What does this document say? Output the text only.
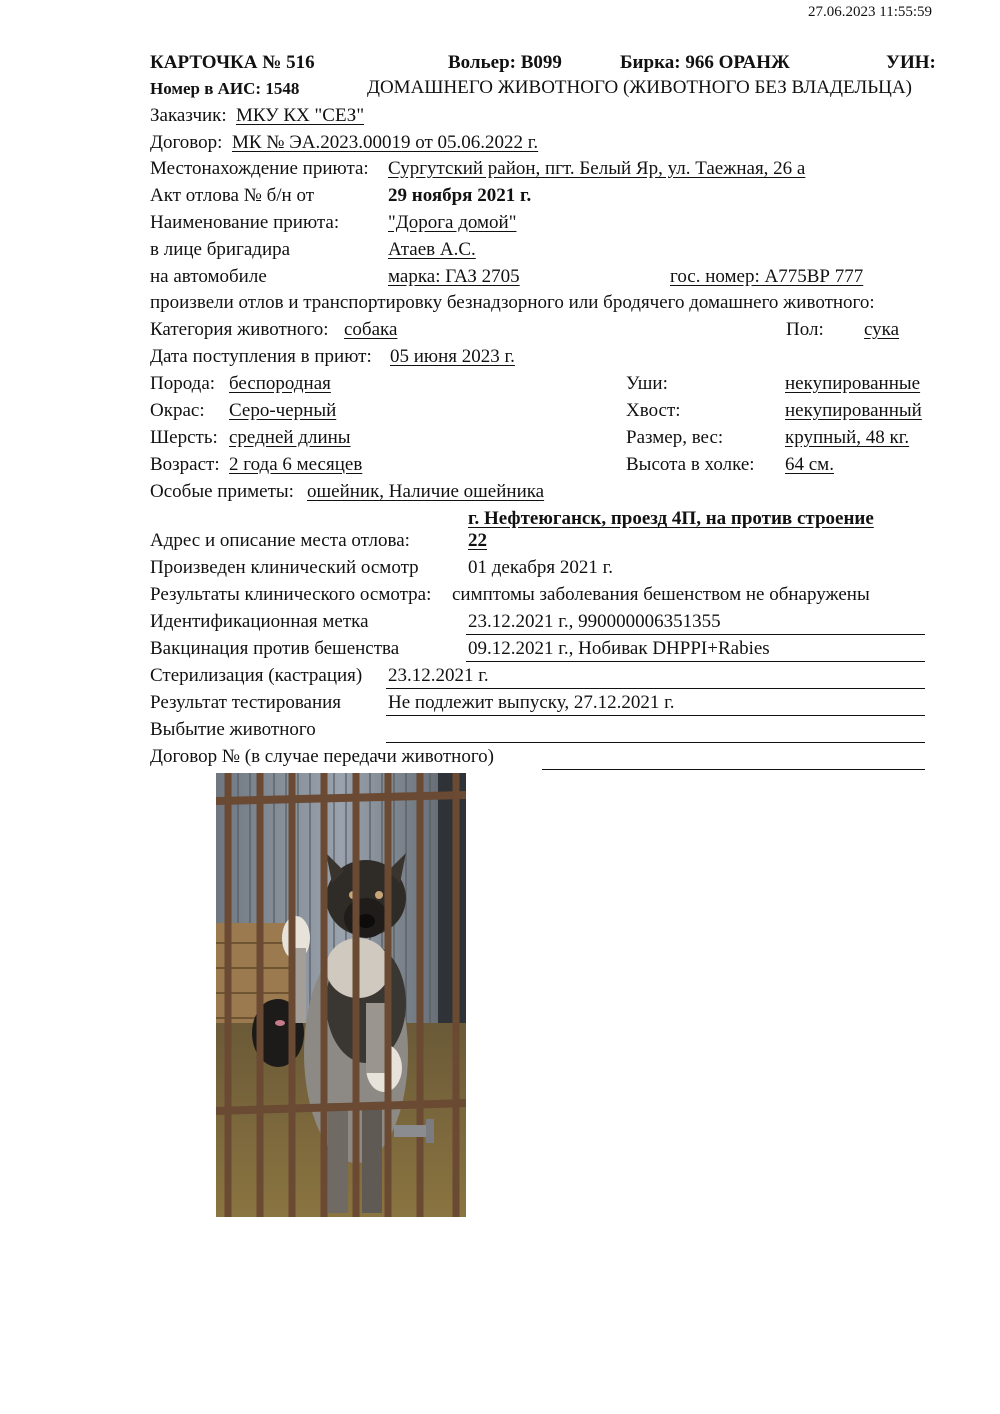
27.06.2023 11:55:59
КАРТОЧКА № 516	Вольер: В099	Бирка: 966 ОРАНЖ	УИН:
Номер в АИС: 1548	ДОМАШНЕГО ЖИВОТНОГО (ЖИВОТНОГО БЕЗ ВЛАДЕЛЬЦА)
Заказчик: МКУ КХ "СЕЗ"
Договор: МК № ЭА.2023.00019 от 05.06.2022 г.
Местонахождение приюта: Сургутский район, пгт. Белый Яр, ул. Таежная, 26 а
Акт отлова № б/н от	29 ноября 2021 г.
Наименование приюта:	"Дорога домой"
в лице бригадира	Атаев А.С.
на автомобиле	марка: ГАЗ 2705	гос. номер: А775ВР 777
произвели отлов и транспортировку безнадзорного или бродячего домашнего животного:
Категория животного: собака	Пол: сука
Дата поступления в приют: 05 июня 2023 г.
Порода: беспородная	Уши:	некупированные
Окрас: Серо-черный	Хвост:	некупированный
Шерсть: средней длины	Размер, вес:	крупный, 48 кг.
Возраст: 2 года 6 месяцев	Высота в холке: 64 см.
Особые приметы: ошейник, Наличие ошейника
г. Нефтеюганск, проезд 4П, на против строение
Адрес и описание места отлова:	22
Произведен клинический осмотр	01 декабря 2021 г.
Результаты клинического осмотра: симптомы заболевания бешенством не обнаружены
Идентификационная метка	23.12.2021 г., 990000006351355
Вакцинация против бешенства	09.12.2021 г., Нобивак DHPPI+Rabies
Стерилизация (кастрация) 23.12.2021 г.
Результат тестирования Не подлежит выпуску, 27.12.2021 г.
Выбытие животного
Договор № (в случае передачи животного)
